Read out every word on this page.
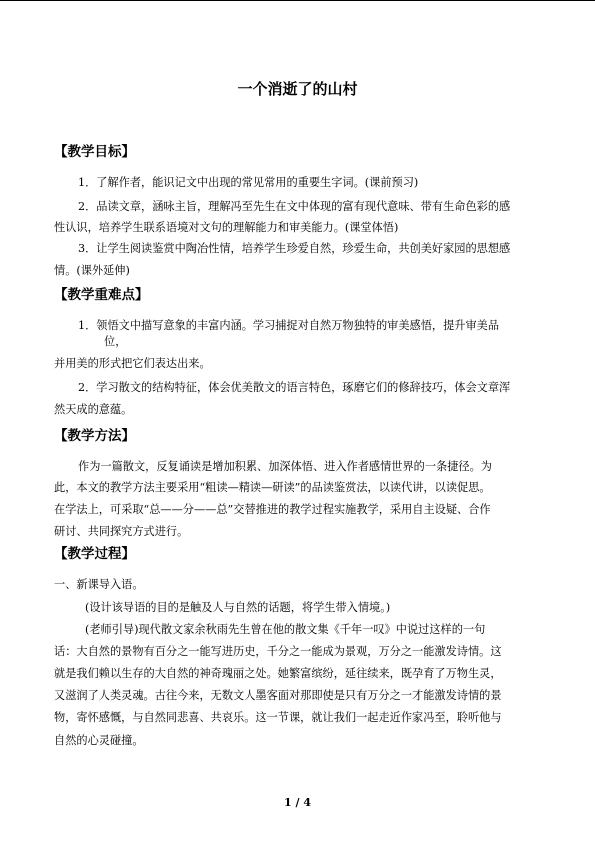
一个消逝了的山村
【教学目标】
1．了解作者，能识记文中出现的常见常用的重要生字词。(课前预习)
2．品读文章，涵咏主旨，理解冯至先生在文中体现的富有现代意味、带有生命色彩的感
性认识，培养学生联系语境对文句的理解能力和审美能力。(课堂体悟)
3．让学生阅读鉴赏中陶冶性情，培养学生珍爱自然，珍爱生命，共创美好家园的思想感
情。(课外延伸)
【教学重难点】
1．领悟文中描写意象的丰富内涵。学习捕捉对自然万物独特的审美感悟，提升审美品
位，
并用美的形式把它们表达出来。
2．学习散文的结构特征，体会优美散文的语言特色，琢磨它们的修辞技巧，体会文章浑
然天成的意蕴。
【教学方法】
作为一篇散文，反复诵读是增加积累、加深体悟、进入作者感情世界的一条捷径。为
此，本文的教学方法主要采用“粗读—精读—研读”的品读鉴赏法，以读代讲，以读促思。
在学法上，可采取“总——分——总”交替推进的教学过程实施教学，采用自主设疑、合作
研讨、共同探究方式进行。
【教学过程】
一、新课导入语。
(设计该导语的目的是触及人与自然的话题，将学生带入情境。)
(老师引导)现代散文家余秋雨先生曾在他的散文集《千年一叹》中说过这样的一句
话：大自然的景物有百分之一能写进历史，千分之一能成为景观，万分之一能激发诗情。这
就是我们赖以生存的大自然的神奇瑰丽之处。她繁富缤纷，延往续来，既孕育了万物生灵，
又滋润了人类灵魂。古往今来，无数文人墨客面对那即使是只有万分之一才能激发诗情的景
物，寄怀感慨，与自然同悲喜、共哀乐。这一节课，就让我们一起走近作家冯至，聆听他与
自然的心灵碰撞。
1 / 4
